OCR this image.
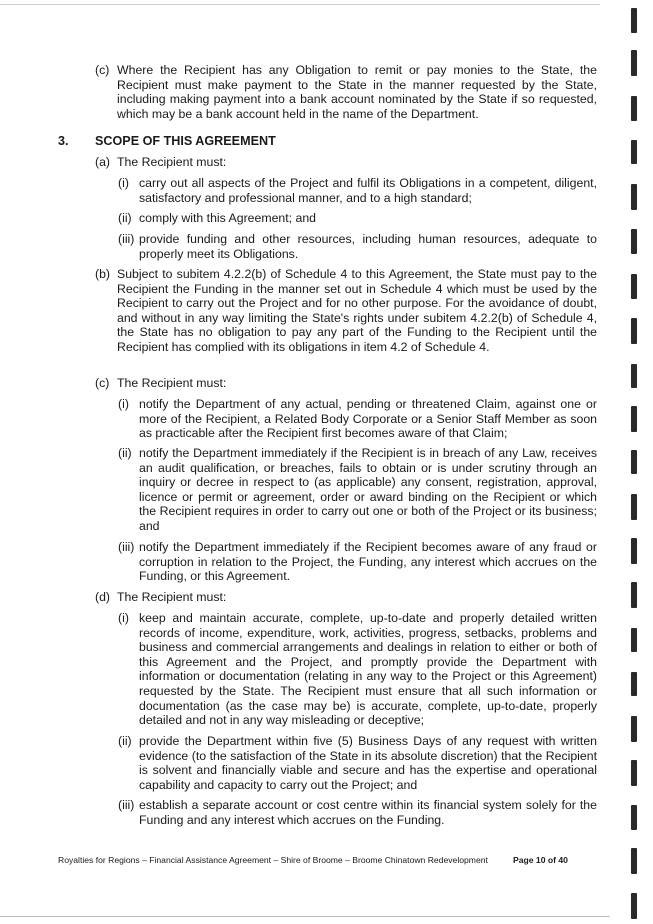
(c) Where the Recipient has any Obligation to remit or pay monies to the State, the Recipient must make payment to the State in the manner requested by the State, including making payment into a bank account nominated by the State if so requested, which may be a bank account held in the name of the Department.
3. SCOPE OF THIS AGREEMENT
(a) The Recipient must:
(i) carry out all aspects of the Project and fulfil its Obligations in a competent, diligent, satisfactory and professional manner, and to a high standard;
(ii) comply with this Agreement; and
(iii) provide funding and other resources, including human resources, adequate to properly meet its Obligations.
(b) Subject to subitem 4.2.2(b) of Schedule 4 to this Agreement, the State must pay to the Recipient the Funding in the manner set out in Schedule 4 which must be used by the Recipient to carry out the Project and for no other purpose. For the avoidance of doubt, and without in any way limiting the State's rights under subitem 4.2.2(b) of Schedule 4, the State has no obligation to pay any part of the Funding to the Recipient until the Recipient has complied with its obligations in item 4.2 of Schedule 4.
(c) The Recipient must:
(i) notify the Department of any actual, pending or threatened Claim, against one or more of the Recipient, a Related Body Corporate or a Senior Staff Member as soon as practicable after the Recipient first becomes aware of that Claim;
(ii) notify the Department immediately if the Recipient is in breach of any Law, receives an audit qualification, or breaches, fails to obtain or is under scrutiny through an inquiry or decree in respect to (as applicable) any consent, registration, approval, licence or permit or agreement, order or award binding on the Recipient or which the Recipient requires in order to carry out one or both of the Project or its business; and
(iii) notify the Department immediately if the Recipient becomes aware of any fraud or corruption in relation to the Project, the Funding, any interest which accrues on the Funding, or this Agreement.
(d) The Recipient must:
(i) keep and maintain accurate, complete, up-to-date and properly detailed written records of income, expenditure, work, activities, progress, setbacks, problems and business and commercial arrangements and dealings in relation to either or both of this Agreement and the Project, and promptly provide the Department with information or documentation (relating in any way to the Project or this Agreement) requested by the State. The Recipient must ensure that all such information or documentation (as the case may be) is accurate, complete, up-to-date, properly detailed and not in any way misleading or deceptive;
(ii) provide the Department within five (5) Business Days of any request with written evidence (to the satisfaction of the State in its absolute discretion) that the Recipient is solvent and financially viable and secure and has the expertise and operational capability and capacity to carry out the Project; and
(iii) establish a separate account or cost centre within its financial system solely for the Funding and any interest which accrues on the Funding.
Royalties for Regions – Financial Assistance Agreement – Shire of Broome – Broome Chinatown Redevelopment	Page 10 of 40
